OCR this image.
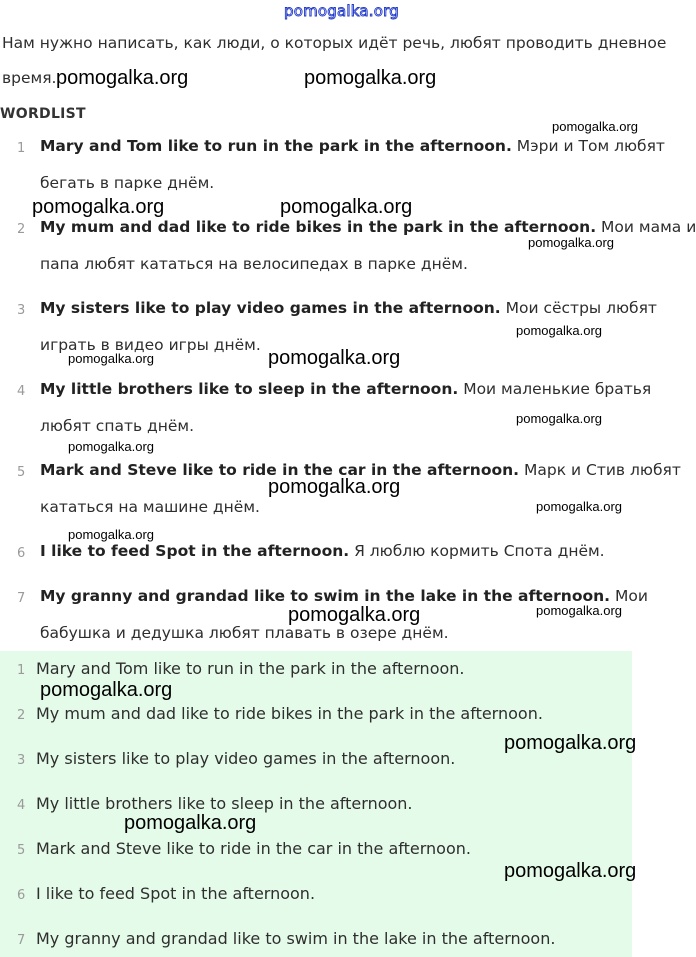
pomogalka.org
Нам нужно написать, как люди, о которых идёт речь, любят проводить дневное
время.
WORDLIST
1 Mary and Tom like to run in the park in the afternoon. Мэри и Том любят
бегать в парке днём.
2 My mum and dad like to ride bikes in the park in the afternoon. Мои мама и
папа любят кататься на велосипедах в парке днём.
3 My sisters like to play video games in the afternoon. Мои сёстры любят
играть в видео игры днём.
4 My little brothers like to sleep in the afternoon. Мои маленькие братья
любят спать днём.
5 Mark and Steve like to ride in the car in the afternoon. Марк и Стив любят
кататься на машине днём.
6 I like to feed Spot in the afternoon. Я люблю кормить Спота днём.
7 My granny and grandad like to swim in the lake in the afternoon. Мои
бабушка и дедушка любят плавать в озере днём.
1 Mary and Tom like to run in the park in the afternoon.
2 My mum and dad like to ride bikes in the park in the afternoon.
3 My sisters like to play video games in the afternoon.
4 My little brothers like to sleep in the afternoon.
5 Mark and Steve like to ride in the car in the afternoon.
6 I like to feed Spot in the afternoon.
7 My granny and grandad like to swim in the lake in the afternoon.
pomogalka.org	pomogalka.org
pomogalka.org
pomogalka.org	pomogalka.org
pomogalka.org
pomogalka.org
pomogalka.org	pomogalka.org
pomogalka.org
pomogalka.org
pomogalka.org
pomogalka.org
pomogalka.org
pomogalka.org	pomogalka.org
pomogalka.org
pomogalka.org
pomogalka.org
pomogalka.org
